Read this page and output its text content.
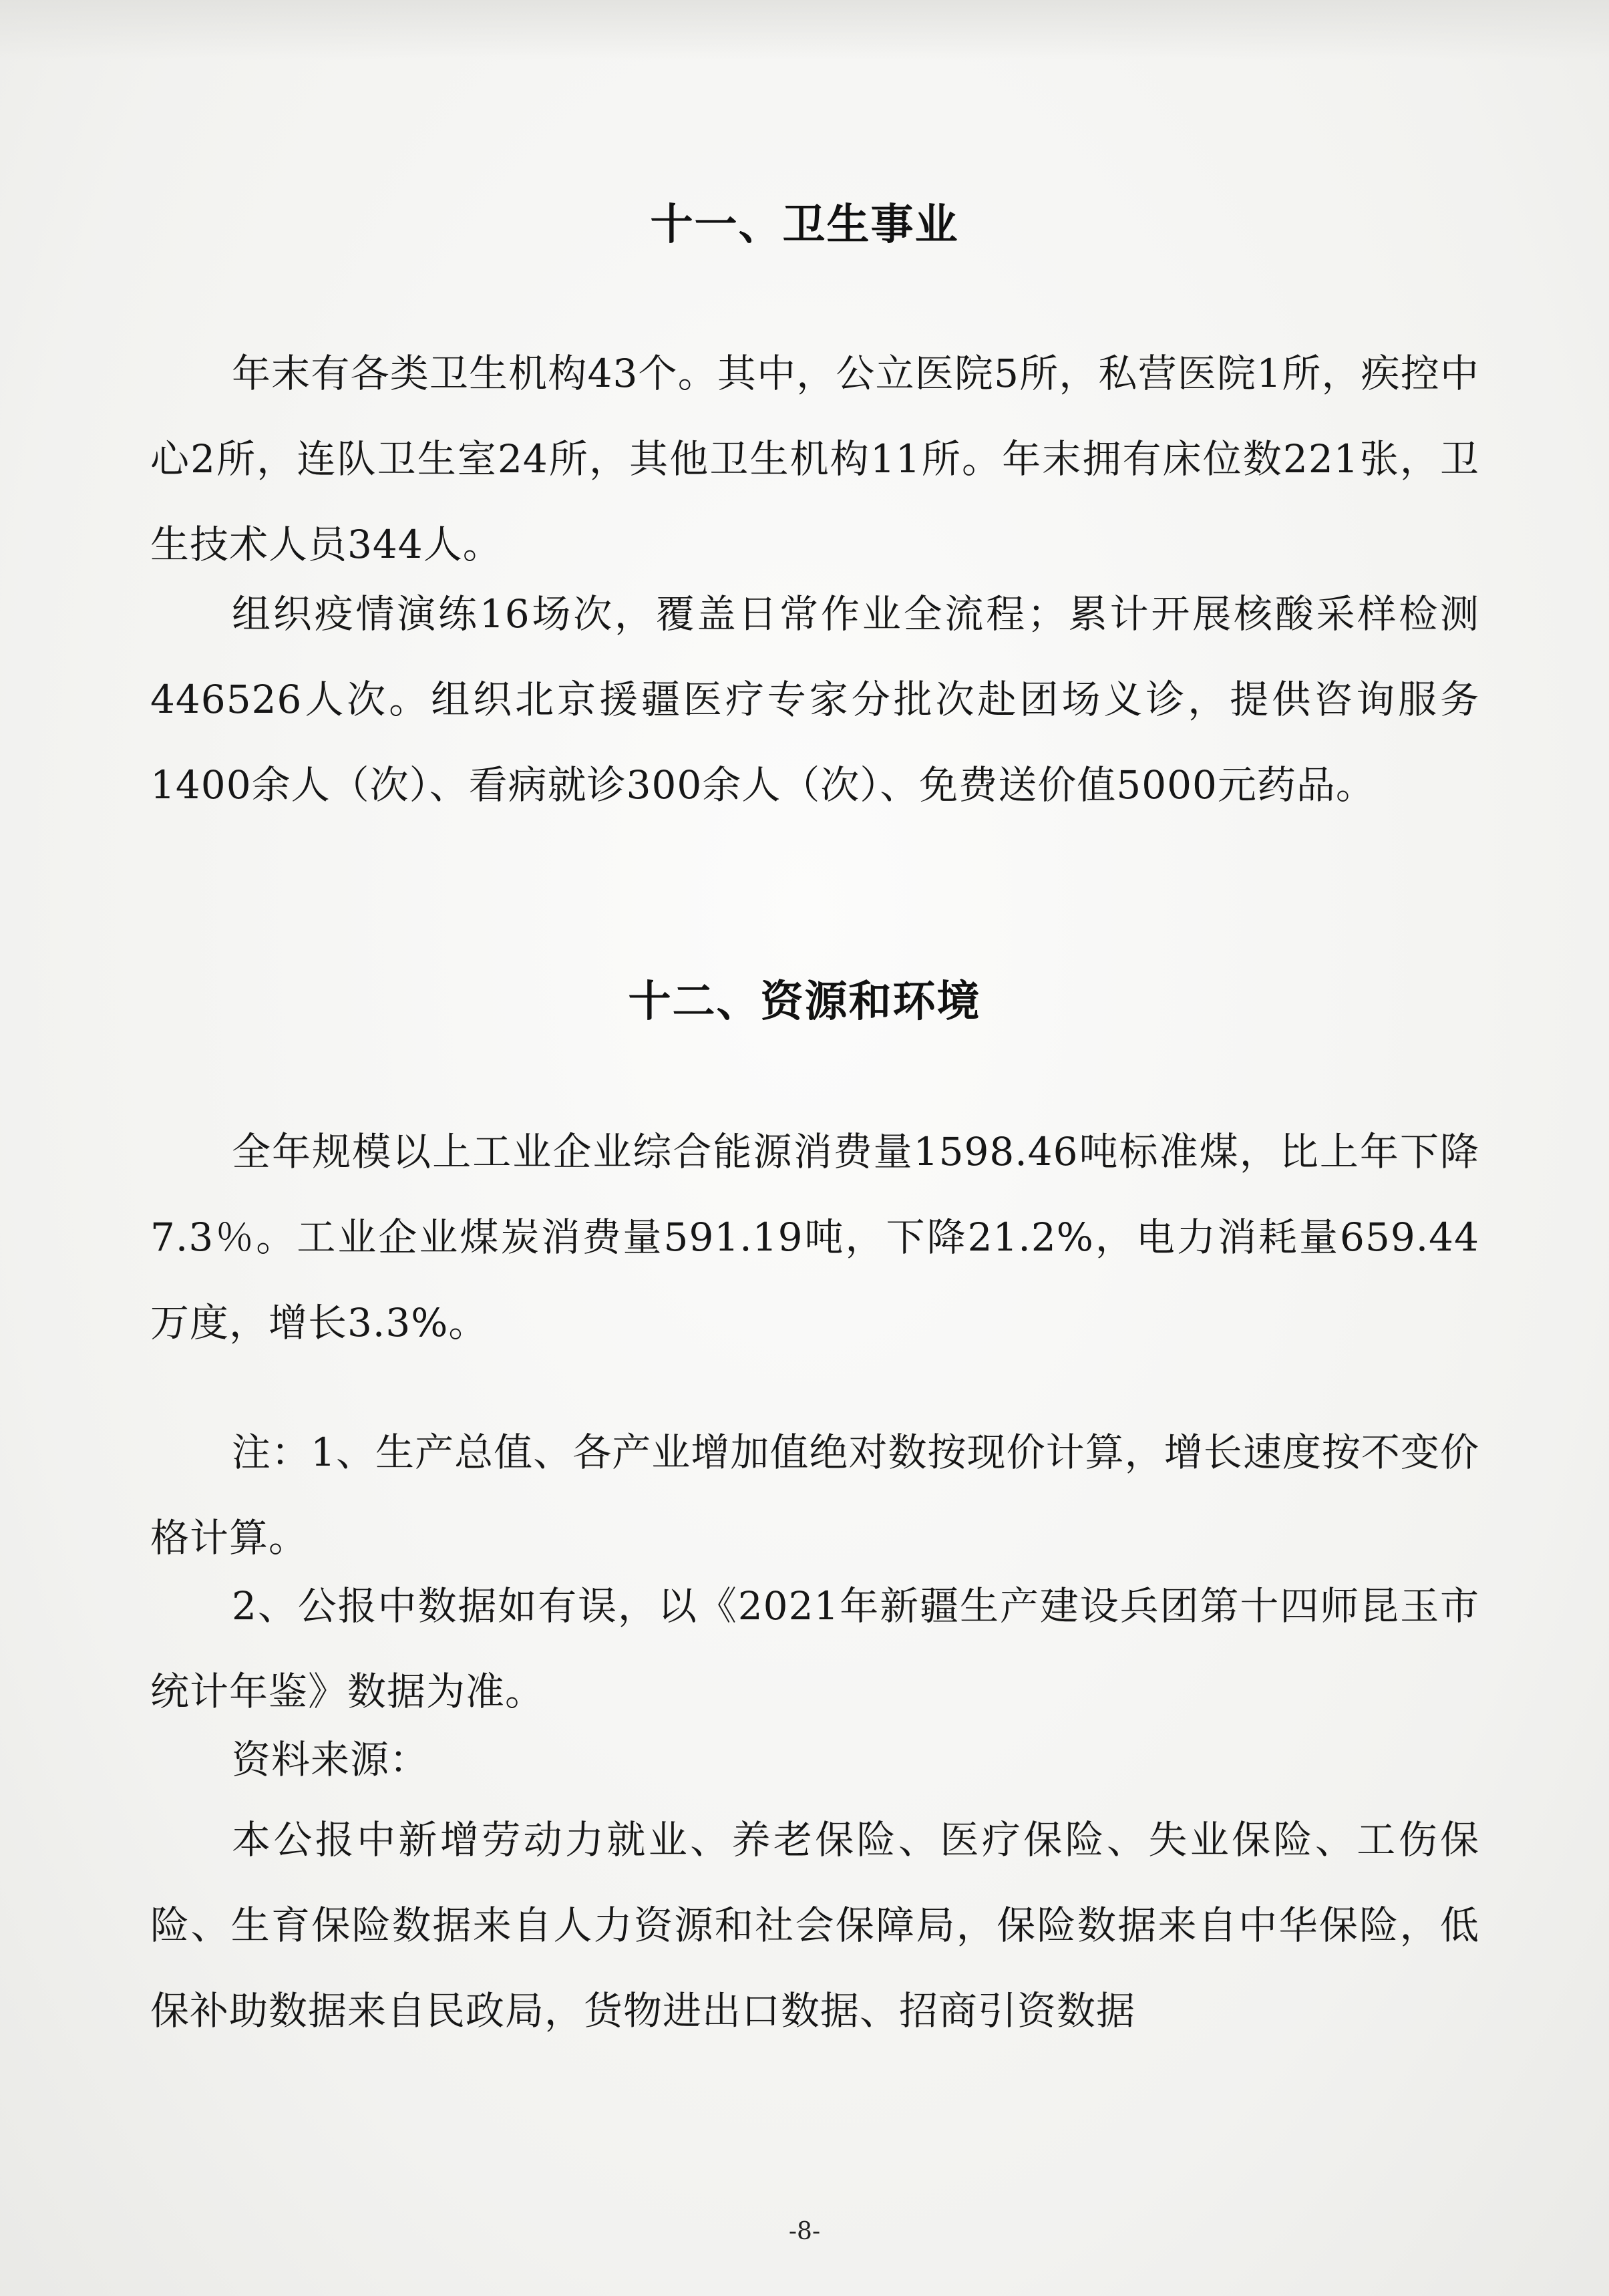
十一、卫生事业
年末有各类卫生机构43个。其中，公立医院5所，私营医院1所，疾控中心2所，连队卫生室24所，其他卫生机构11所。年末拥有床位数221张，卫生技术人员344人。
组织疫情演练16场次，覆盖日常作业全流程；累计开展核酸采样检测446526人次。组织北京援疆医疗专家分批次赴团场义诊，提供咨询服务1400余人（次）、看病就诊300余人（次）、免费送价值5000元药品。
十二、资源和环境
全年规模以上工业企业综合能源消费量1598.46吨标准煤，比上年下降7.3％。工业企业煤炭消费量591.19吨，下降21.2%，电力消耗量659.44万度，增长3.3%。
注：1、生产总值、各产业增加值绝对数按现价计算，增长速度按不变价格计算。
2、公报中数据如有误，以《2021年新疆生产建设兵团第十四师昆玉市统计年鉴》数据为准。
资料来源：
本公报中新增劳动力就业、养老保险、医疗保险、失业保险、工伤保险、生育保险数据来自人力资源和社会保障局，保险数据来自中华保险，低保补助数据来自民政局，货物进出口数据、招商引资数据
-8-
